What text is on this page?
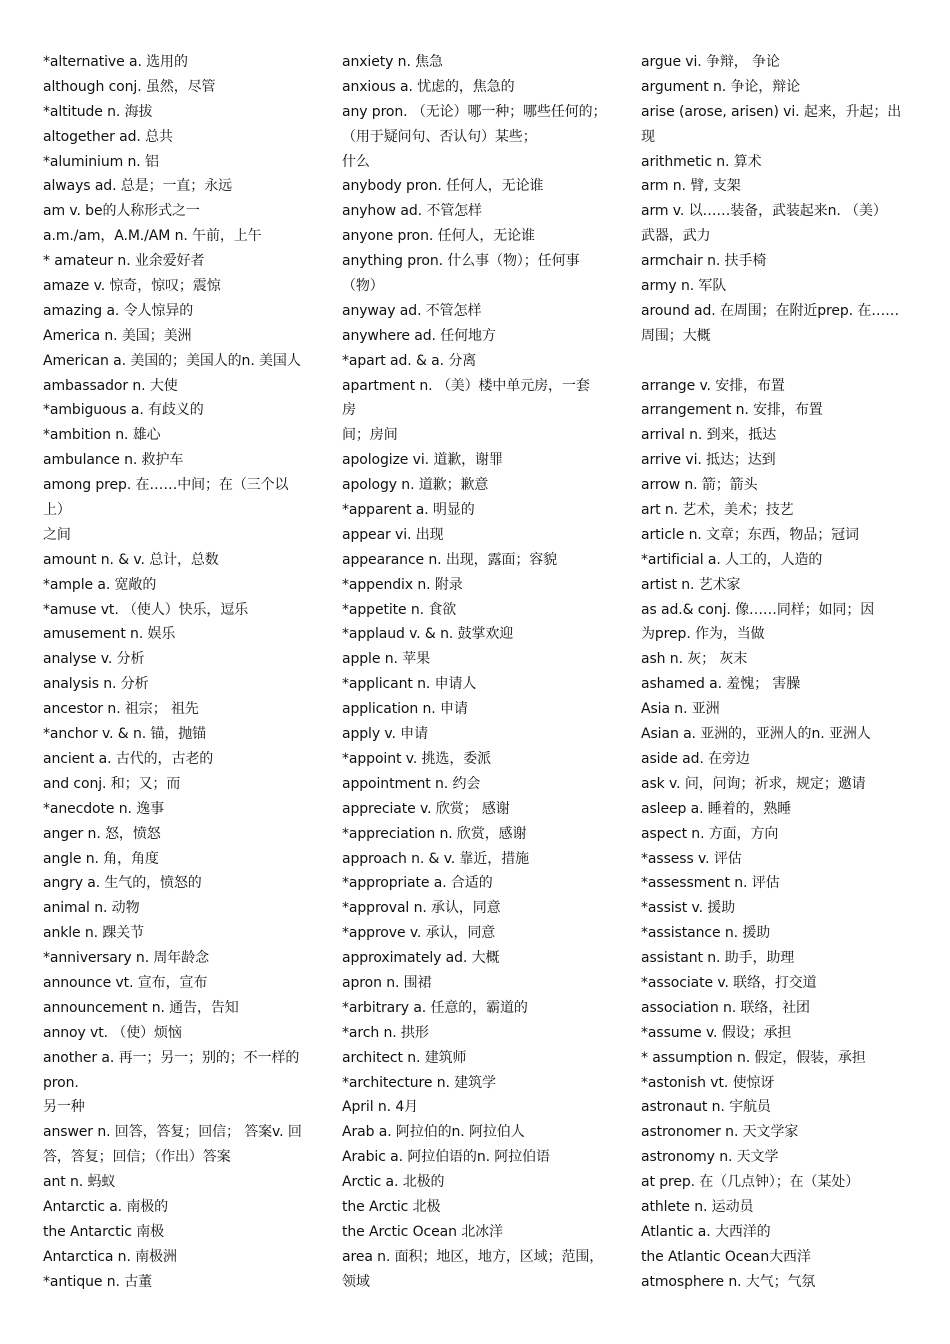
*alternative a. 选用的
although conj. 虽然，尽管
*altitude n. 海拔
altogether ad. 总共
*aluminium n. 铝
always ad. 总是；一直；永远
am v. be的人称形式之一
a.m./am，A.M./AM n. 午前，上午
* amateur n. 业余爱好者
amaze v. 惊奇，惊叹；震惊
amazing a. 令人惊异的
America n. 美国；美洲
American a. 美国的；美国人的n. 美国人
ambassador n. 大使
*ambiguous a. 有歧义的
*ambition n. 雄心
ambulance n. 救护车
among prep. 在……中间；在（三个以
上）
之间
amount n. & v. 总计，总数
*ample a. 宽敞的
*amuse vt. （使人）快乐，逗乐
amusement n. 娱乐
analyse v. 分析
analysis n. 分析
ancestor n. 祖宗； 祖先
*anchor v. & n. 锚，抛锚
ancient a. 古代的，古老的
and conj. 和；又；而
*anecdote n. 逸事
anger n. 怒，愤怒
angle n. 角，角度
angry a. 生气的，愤怒的
animal n. 动物
ankle n. 踝关节
*anniversary n. 周年龄念
announce vt. 宣布，宣布
announcement n. 通告，告知
annoy vt. （使）烦恼
another a. 再一；另一；别的；不一样的
pron.
另一种
answer n. 回答，答复；回信； 答案v. 回
答，答复；回信；（作出）答案
ant n. 蚂蚁
Antarctic a. 南极的
the Antarctic 南极
Antarctica n. 南极洲
*antique n. 古董
anxiety n. 焦急
anxious a. 忧虑的，焦急的
any pron. （无论）哪一种；哪些任何的；
（用于疑问句、否认句）某些；
什么
anybody pron. 任何人，无论谁
anyhow ad. 不管怎样
anyone pron. 任何人，无论谁
anything pron. 什么事（物）；任何事
（物）
anyway ad. 不管怎样
anywhere ad. 任何地方
*apart ad. & a. 分离
apartment n. （美）楼中单元房，一套
房
间；房间
apologize vi. 道歉，谢罪
apology n. 道歉；歉意
*apparent a. 明显的
appear vi. 出现
appearance n. 出现，露面；容貌
*appendix n. 附录
*appetite n. 食欲
*applaud v. & n. 鼓掌欢迎
apple n. 苹果
*applicant n. 申请人
application n. 申请
apply v. 申请
*appoint v. 挑选，委派
appointment n. 约会
appreciate v. 欣赏； 感谢
*appreciation n. 欣赏，感谢
approach n. & v. 靠近，措施
*appropriate a. 合适的
*approval n. 承认，同意
*approve v. 承认，同意
approximately ad. 大概
apron n. 围裙
*arbitrary a. 任意的，霸道的
*arch n. 拱形
architect n. 建筑师
*architecture n. 建筑学
April n. 4月
Arab a. 阿拉伯的n. 阿拉伯人
Arabic a. 阿拉伯语的n. 阿拉伯语
Arctic a. 北极的
the Arctic 北极
the Arctic Ocean 北冰洋
area n. 面积；地区，地方，区域；范围，
领域
argue vi. 争辩， 争论
argument n. 争论，辩论
arise (arose, arisen) vi. 起来，升起；出
现
arithmetic n. 算术
arm n. 臂, 支架
arm v. 以……装备，武装起来n. （美）
武器，武力
armchair n. 扶手椅
army n. 军队
around ad. 在周围；在附近prep. 在……
周围；大概
arrange v. 安排，布置
arrangement n. 安排，布置
arrival n. 到来，抵达
arrive vi. 抵达；达到
arrow n. 箭；箭头
art n. 艺术，美术；技艺
article n. 文章；东西，物品；冠词
*artificial a. 人工的，人造的
artist n. 艺术家
as ad.& conj. 像……同样；如同；因
为prep. 作为，当做
ash n. 灰； 灰末
ashamed a. 羞愧； 害臊
Asia n. 亚洲
Asian a. 亚洲的，亚洲人的n. 亚洲人
aside ad. 在旁边
ask v. 问，问询；祈求，规定；邀请
asleep a. 睡着的，熟睡
aspect n. 方面，方向
*assess v. 评估
*assessment n. 评估
*assist v. 援助
*assistance n. 援助
assistant n. 助手，助理
*associate v. 联络，打交道
association n. 联络，社团
*assume v. 假设；承担
* assumption n. 假定，假装，承担
*astonish vt. 使惊讶
astronaut n. 宇航员
astronomer n. 天文学家
astronomy n. 天文学
at prep. 在（几点钟）；在（某处）
athlete n. 运动员
Atlantic a. 大西洋的
the Atlantic Ocean大西洋
atmosphere n. 大气；气氛
